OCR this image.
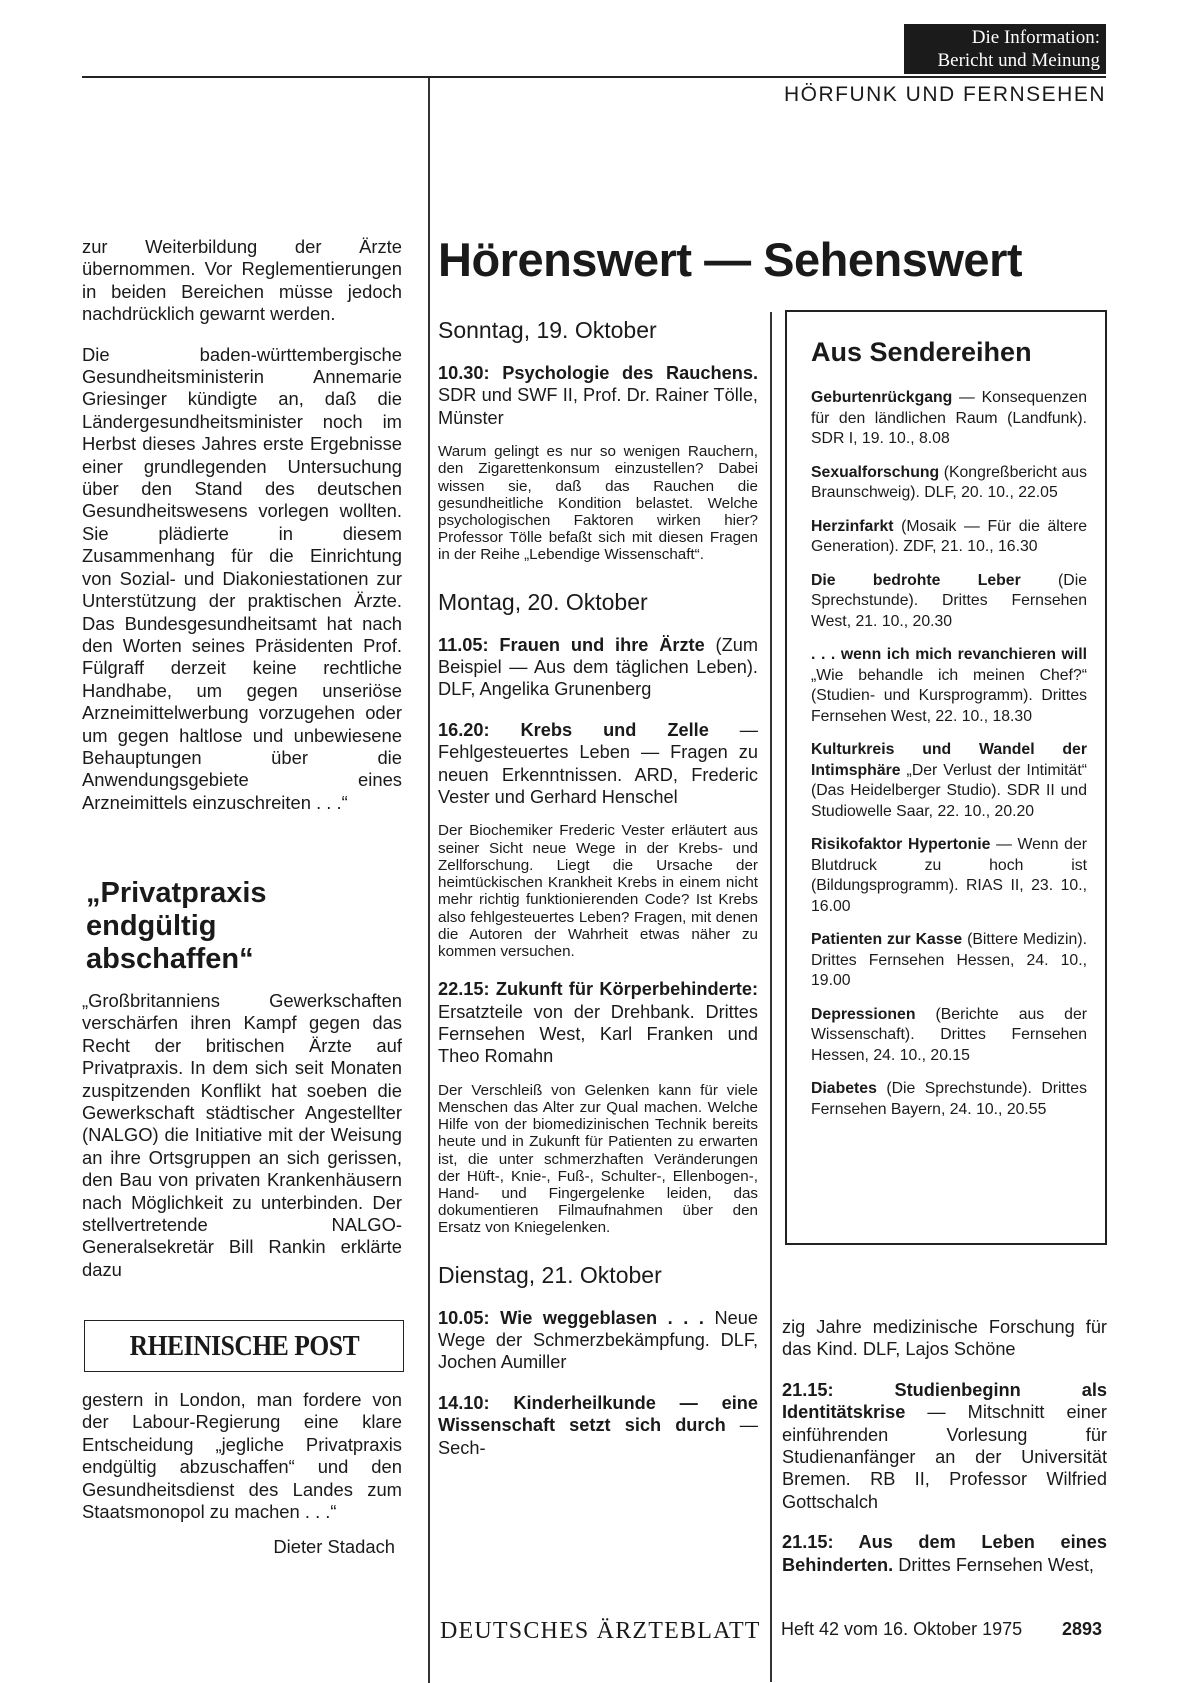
Die Information:
Bericht und Meinung
HÖRFUNK UND FERNSEHEN

zur Weiterbildung der Ärzte übernommen. Vor Reglementierungen in beiden Bereichen müsse jedoch nachdrücklich gewarnt werden.

Die baden-württembergische Gesundheitsministerin Annemarie Griesinger kündigte an, daß die Ländergesundheitsminister noch im Herbst dieses Jahres erste Ergebnisse einer grundlegenden Untersuchung über den Stand des deutschen Gesundheitswesens vorlegen wollten. Sie plädierte in diesem Zusammenhang für die Einrichtung von Sozial- und Diakoniestationen zur Unterstützung der praktischen Ärzte. Das Bundesgesundheitsamt hat nach den Worten seines Präsidenten Prof. Fülgraff derzeit keine rechtliche Handhabe, um gegen unseriöse Arzneimittelwerbung vorzugehen oder um gegen haltlose und unbewiesene Behauptungen über die Anwendungsgebiete eines Arzneimittels einzuschreiten . . .“

„Privatpraxis endgültig abschaffen“

„Großbritanniens Gewerkschaften verschärfen ihren Kampf gegen das Recht der britischen Ärzte auf Privatpraxis. In dem sich seit Monaten zuspitzenden Konflikt hat soeben die Gewerkschaft städtischer Angestellter (NALGO) die Initiative mit der Weisung an ihre Ortsgruppen an sich gerissen, den Bau von privaten Krankenhäusern nach Möglichkeit zu unterbinden. Der stellvertretende NALGO-Generalsekretär Bill Rankin erklärte dazu

RHEINISCHE POST

gestern in London, man fordere von der Labour-Regierung eine klare Entscheidung „jegliche Privatpraxis endgültig abzuschaffen“ und den Gesundheitsdienst des Landes zum Staatsmonopol zu machen . . .“

Dieter Stadach
Hörenswert — Sehenswert

Sonntag, 19. Oktober

10.30: Psychologie des Rauchens. SDR und SWF II, Prof. Dr. Rainer Tölle, Münster

Warum gelingt es nur so wenigen Rauchern, den Zigarettenkonsum einzustellen? Dabei wissen sie, daß das Rauchen die gesundheitliche Kondition belastet. Welche psychologischen Faktoren wirken hier? Professor Tölle befaßt sich mit diesen Fragen in der Reihe „Lebendige Wissenschaft“.

Montag, 20. Oktober

11.05: Frauen und ihre Ärzte (Zum Beispiel — Aus dem täglichen Leben). DLF, Angelika Grunenberg

16.20: Krebs und Zelle — Fehlgesteuertes Leben — Fragen zu neuen Erkenntnissen. ARD, Frederic Vester und Gerhard Henschel

Der Biochemiker Frederic Vester erläutert aus seiner Sicht neue Wege in der Krebs- und Zellforschung. Liegt die Ursache der heimtückischen Krankheit Krebs in einem nicht mehr richtig funktionierenden Code? Ist Krebs also fehlgesteuertes Leben? Fragen, mit denen die Autoren der Wahrheit etwas näher zu kommen versuchen.

22.15: Zukunft für Körperbehinderte: Ersatzteile von der Drehbank. Drittes Fernsehen West, Karl Franken und Theo Romahn

Der Verschleiß von Gelenken kann für viele Menschen das Alter zur Qual machen. Welche Hilfe von der biomedizinischen Technik bereits heute und in Zukunft für Patienten zu erwarten ist, die unter schmerzhaften Veränderungen der Hüft-, Knie-, Fuß-, Schulter-, Ellenbogen-, Hand- und Fingergelenke leiden, das dokumentieren Filmaufnahmen über den Ersatz von Kniegelenken.

Dienstag, 21. Oktober

10.05: Wie weggeblasen . . . Neue Wege der Schmerzbekämpfung. DLF, Jochen Aumiller

14.10: Kinderheilkunde — eine Wissenschaft setzt sich durch — Sech-

Aus Sendereihen

Geburtenrückgang — Konsequenzen für den ländlichen Raum (Landfunk). SDR I, 19. 10., 8.08

Sexualforschung (Kongreßbericht aus Braunschweig). DLF, 20. 10., 22.05

Herzinfarkt (Mosaik — Für die ältere Generation). ZDF, 21. 10., 16.30

Die bedrohte Leber (Die Sprechstunde). Drittes Fernsehen West, 21. 10., 20.30

. . . wenn ich mich revanchieren will „Wie behandle ich meinen Chef?“ (Studien- und Kursprogramm). Drittes Fernsehen West, 22. 10., 18.30

Kulturkreis und Wandel der Intimsphäre „Der Verlust der Intimität“ (Das Heidelberger Studio). SDR II und Studiowelle Saar, 22. 10., 20.20

Risikofaktor Hypertonie — Wenn der Blutdruck zu hoch ist (Bildungsprogramm). RIAS II, 23. 10., 16.00

Patienten zur Kasse (Bittere Medizin). Drittes Fernsehen Hessen, 24. 10., 19.00

Depressionen (Berichte aus der Wissenschaft). Drittes Fernsehen Hessen, 24. 10., 20.15

Diabetes (Die Sprechstunde). Drittes Fernsehen Bayern, 24. 10., 20.55

zig Jahre medizinische Forschung für das Kind. DLF, Lajos Schöne

21.15: Studienbeginn als Identitätskrise — Mitschnitt einer einführenden Vorlesung für Studienanfänger an der Universität Bremen. RB II, Professor Wilfried Gottschalch

21.15: Aus dem Leben eines Behinderten. Drittes Fernsehen West,

DEUTSCHES ÄRZTEBLATT Heft 42 vom 16. Oktober 1975 2893
